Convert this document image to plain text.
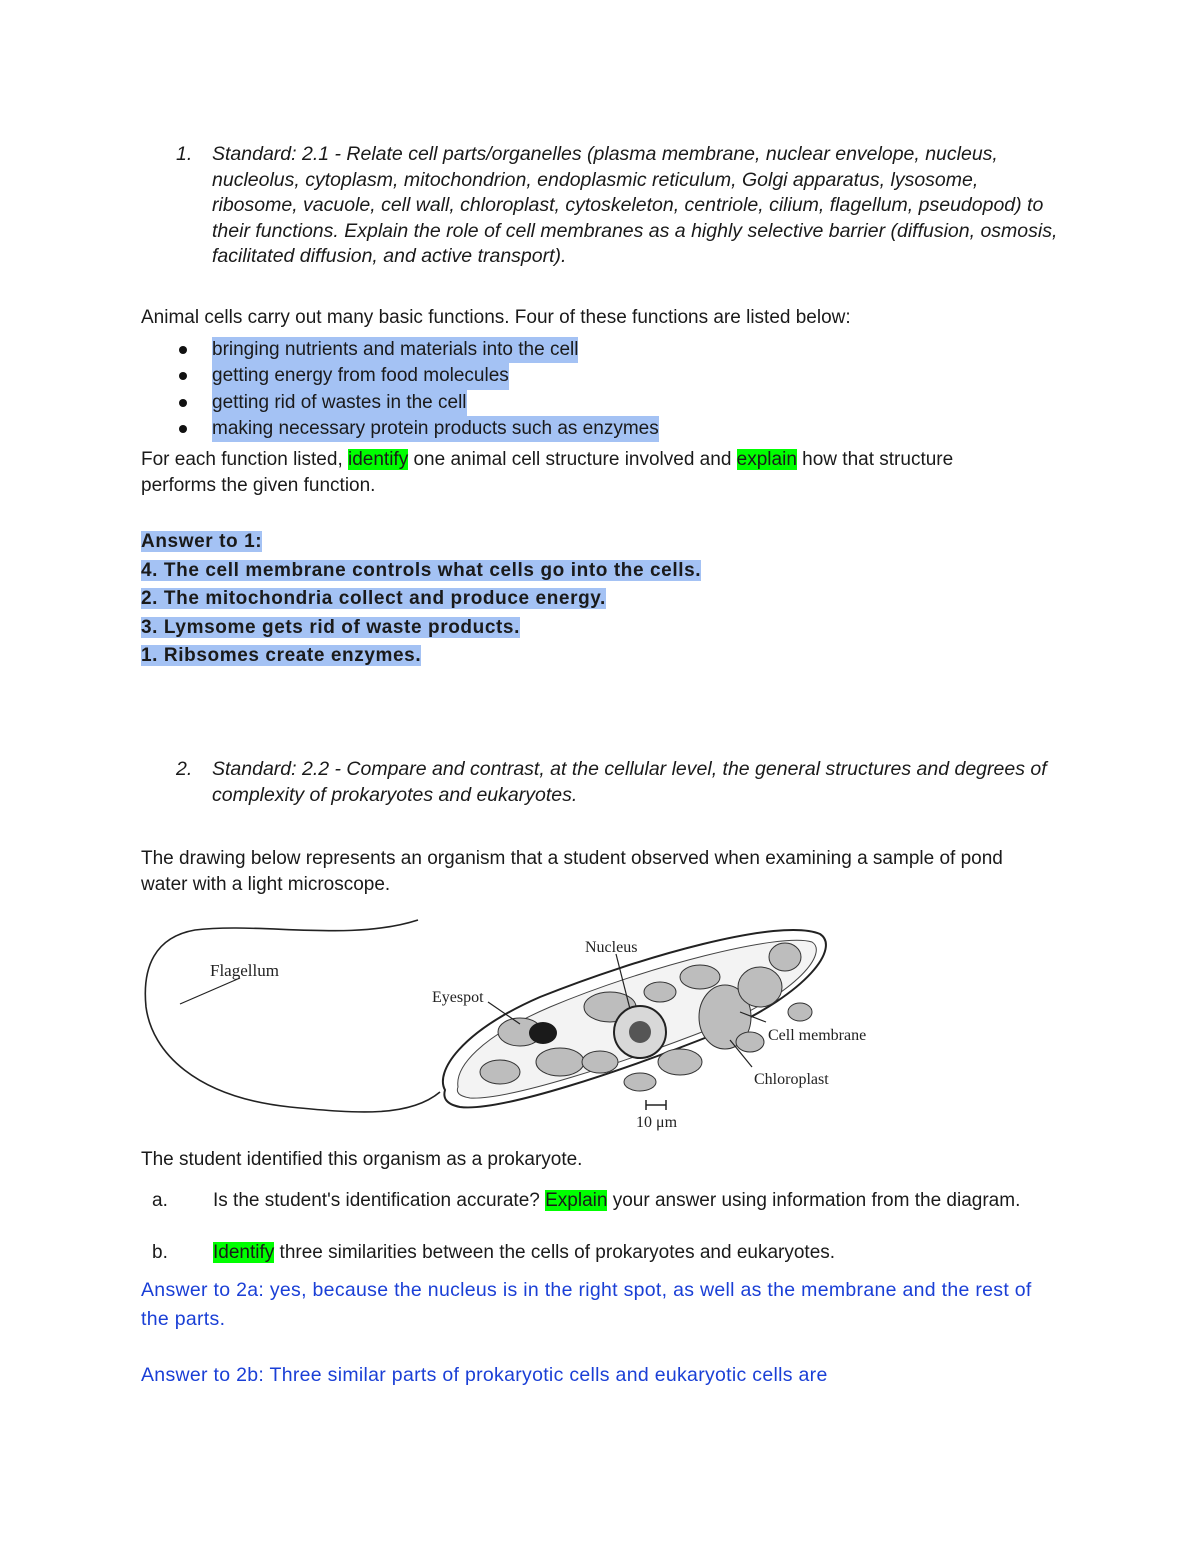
1. Standard: 2.1 - Relate cell parts/organelles (plasma membrane, nuclear envelope, nucleus, nucleolus, cytoplasm, mitochondrion, endoplasmic reticulum, Golgi apparatus, lysosome, ribosome, vacuole, cell wall, chloroplast, cytoskeleton, centriole, cilium, flagellum, pseudopod) to their functions. Explain the role of cell membranes as a highly selective barrier (diffusion, osmosis, facilitated diffusion, and active transport).
Animal cells carry out many basic functions. Four of these functions are listed below:
bringing nutrients and materials into the cell
getting energy from food molecules
getting rid of wastes in the cell
making necessary protein products such as enzymes
For each function listed, identify one animal cell structure involved and explain how that structure performs the given function.
Answer to 1:
4. The cell membrane controls what cells go into the cells.
2. The mitochondria collect and produce energy.
3. Lymsome gets rid of waste products.
1. Ribsomes create enzymes.
2. Standard: 2.2 - Compare and contrast, at the cellular level, the general structures and degrees of complexity of prokaryotes and eukaryotes.
The drawing below represents an organism that a student observed when examining a sample of pond water with a light microscope.
Flagellum
Nucleus
Eyespot
Cell membrane
Chloroplast
10 μm
The student identified this organism as a prokaryote.
a. Is the student's identification accurate? Explain your answer using information from the diagram.
b. Identify three similarities between the cells of prokaryotes and eukaryotes.
Answer to 2a: yes, because the nucleus is in the right spot, as well as the membrane and the rest of the parts.
Answer to 2b: Three similar parts of prokaryotic cells and eukaryotic cells are
